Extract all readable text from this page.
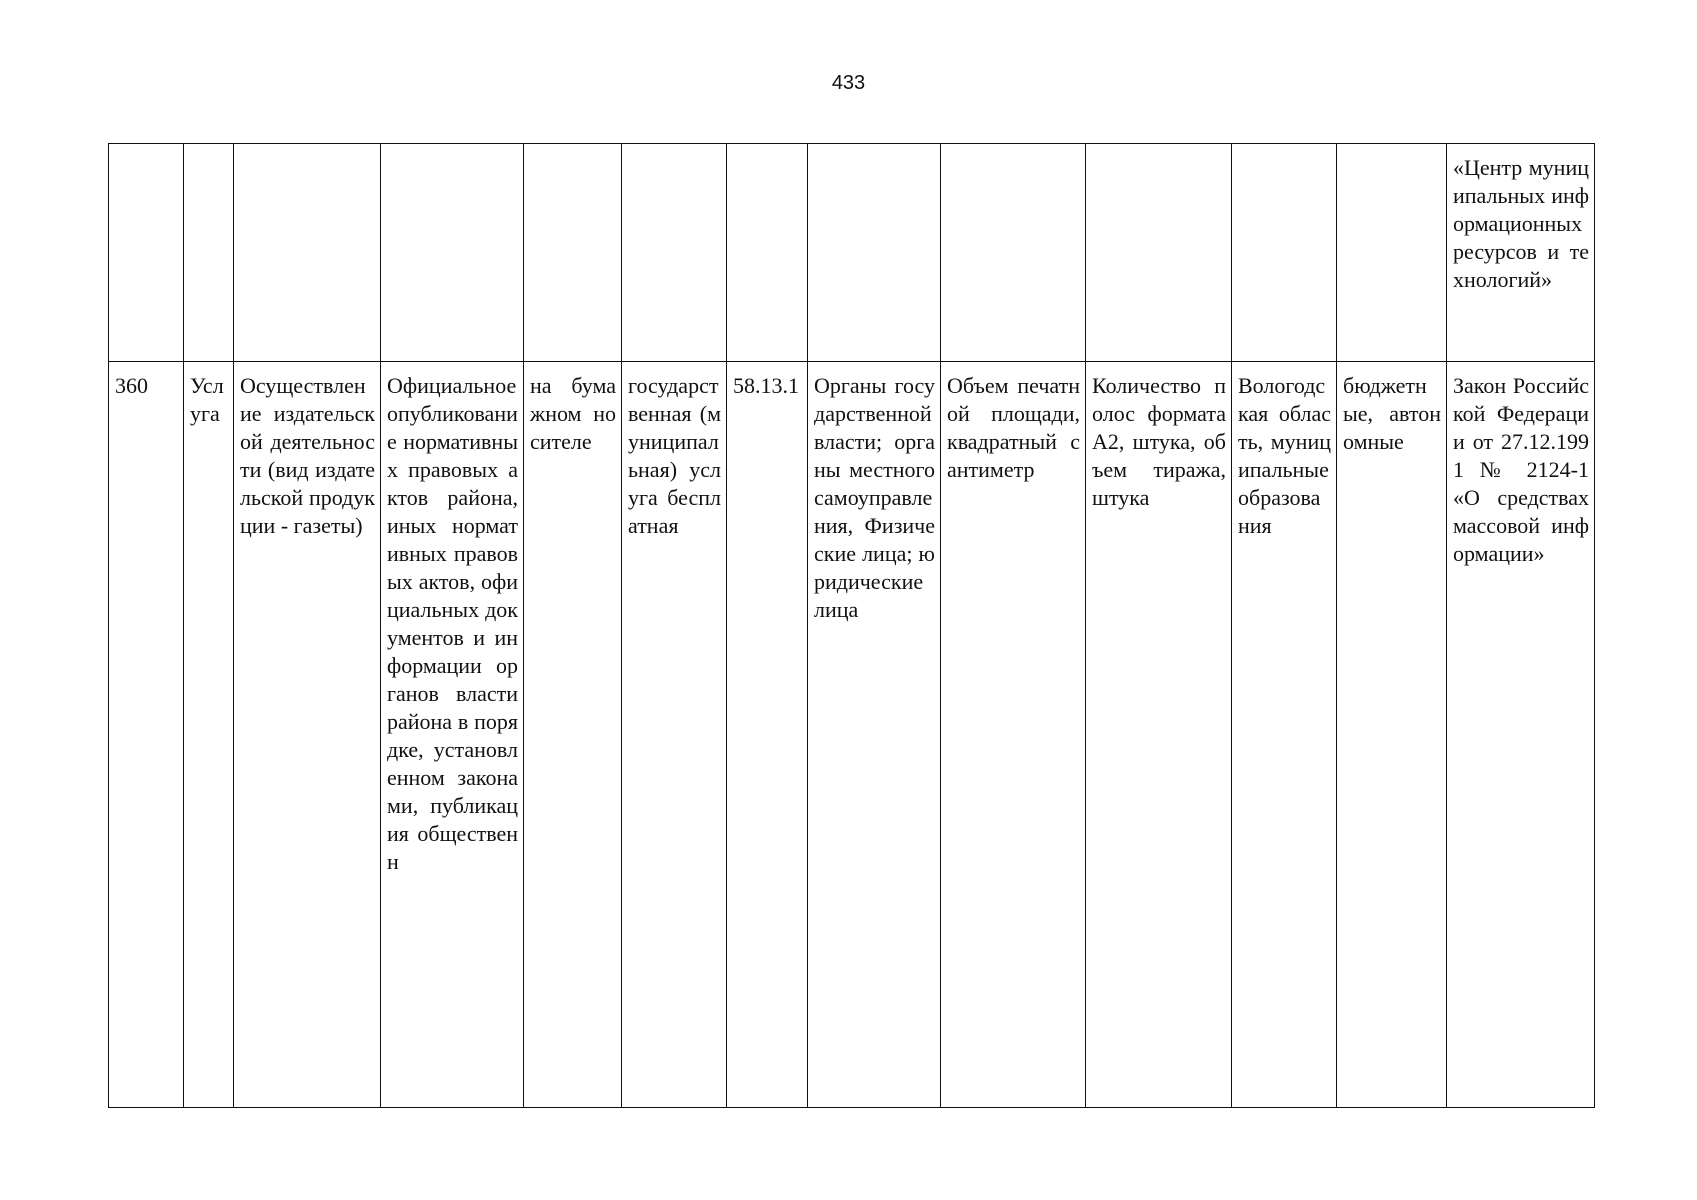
433
												«Центр муниципальных информационных ресурсов и технологий»
360	Услуга	Осуществление издательской деятельности (вид издательской продукции - газеты)	Официальное опубликование нормативных правовых актов района, иных нормативных правовых актов, официальных документов и информации органов власти района в порядке, установленном законами, публикация общественн	на бумажном носителе	государственная (муниципальная) услуга бесплатная	58.13.1	Органы государственной власти; органы местного самоуправления, Физические лица; юридические лица	Объем печатной площади, квадратный сантиметр	Количество полос формата А2, штука, объем тиража, штука	Вологодская область, муниципальные образования	бюджетные, автономные	Закон Российской Федерации от 27.12.1991 № 2124-1 «О средствах массовой информации»
